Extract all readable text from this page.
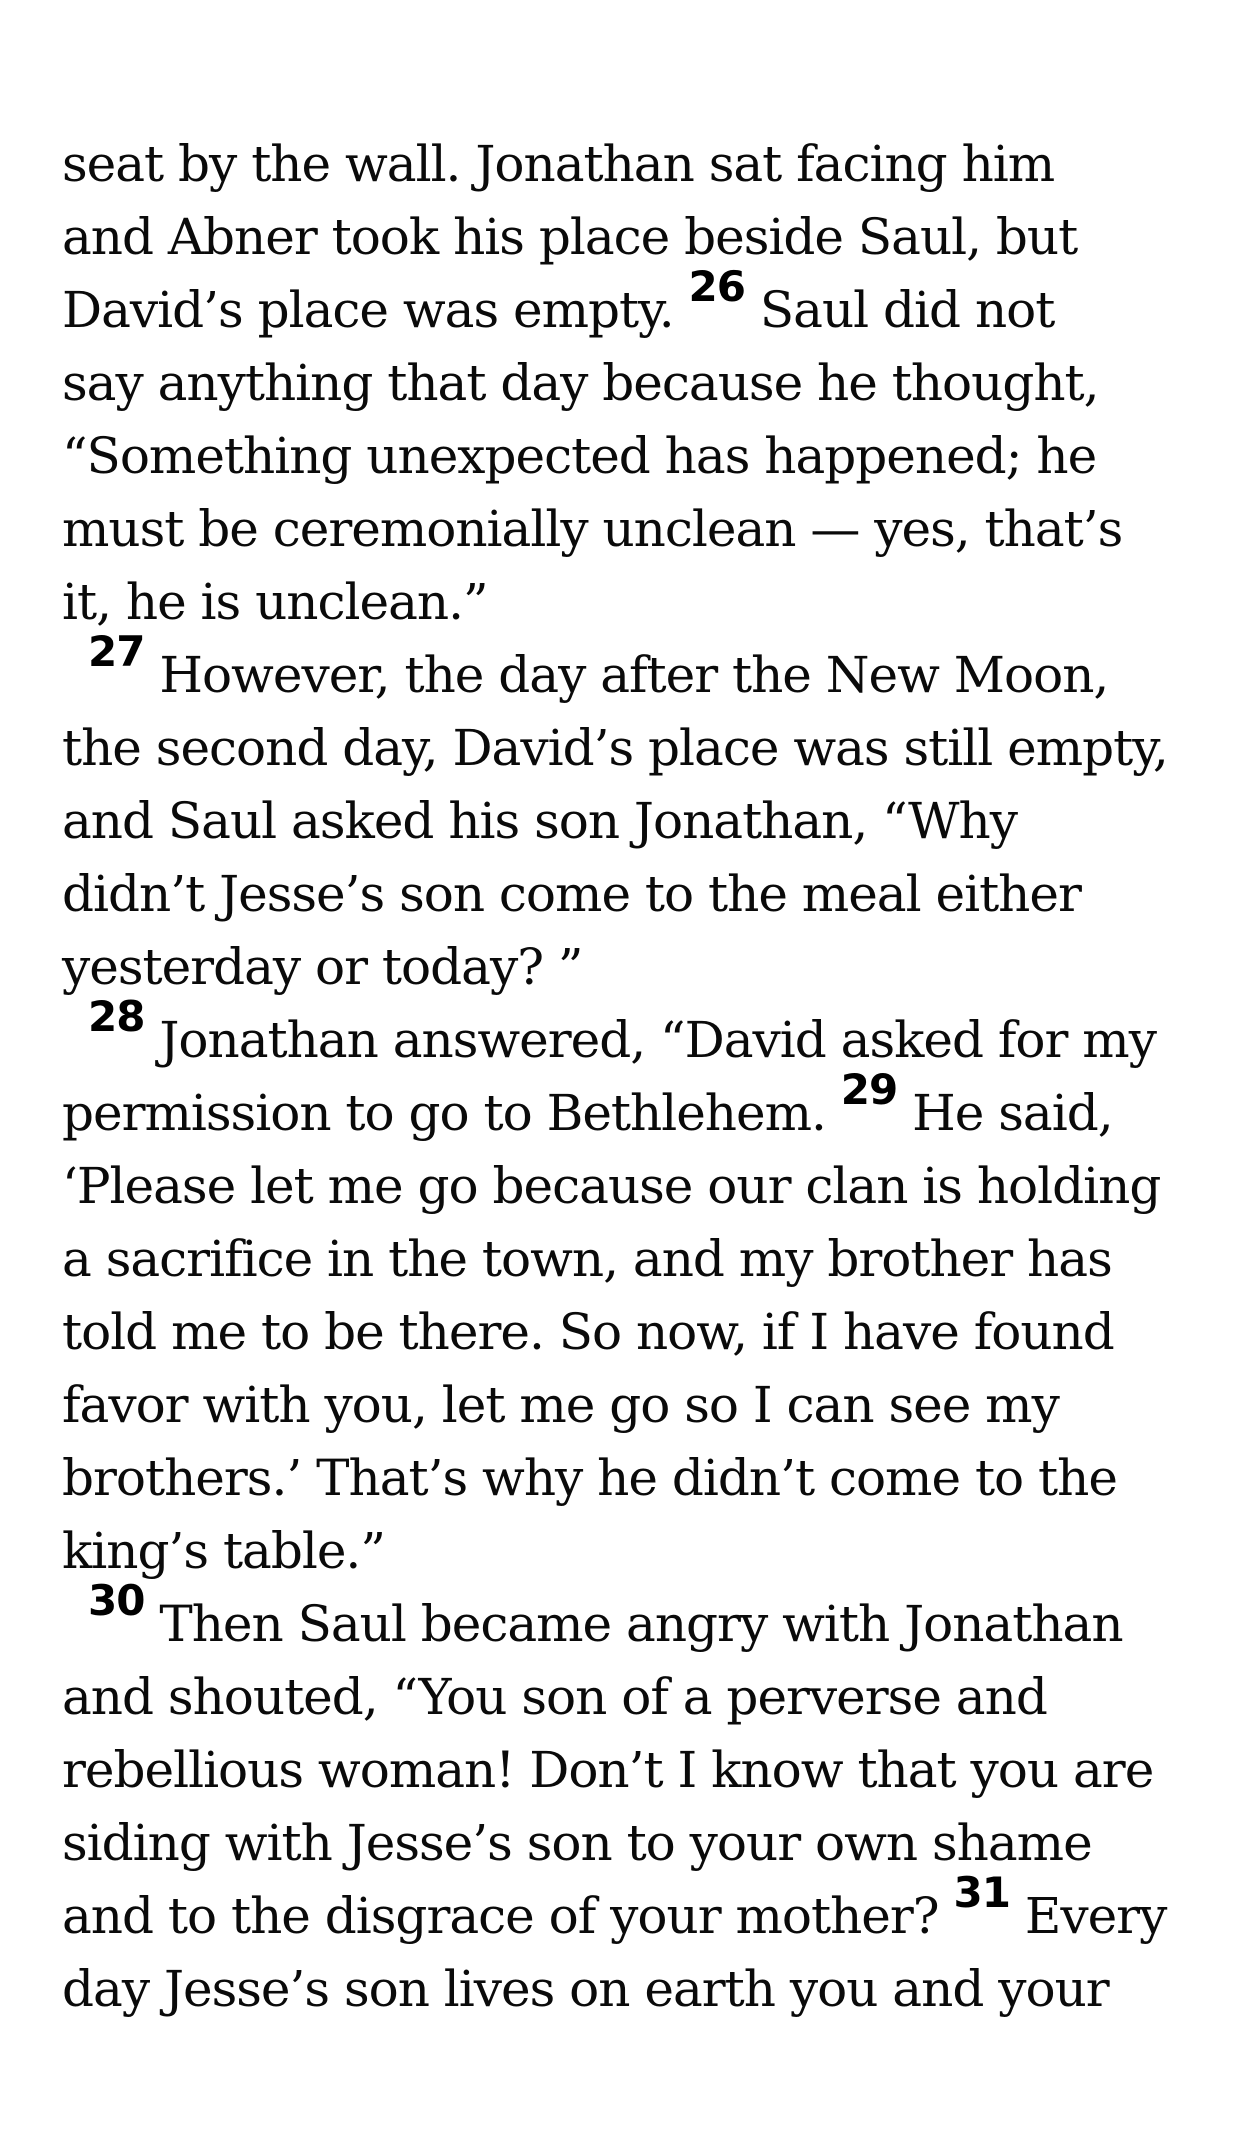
seat by the wall. Jonathan sat facing him
and Abner took his place beside Saul, but
David’s place was empty. $^{26}$ Saul did not
say anything that day because he thought,
“Something unexpected has happened; he
must be ceremonially unclean — yes, that’s
it, he is unclean.”
$^{27}$ However, the day after the New Moon,
the second day, David’s place was still empty,
and Saul asked his son Jonathan, “Why
didn’t Jesse’s son come to the meal either
yesterday or today? ”
$^{28}$ Jonathan answered, “David asked for my
permission to go to Bethlehem. $^{29}$ He said,
‘Please let me go because our clan is holding
a sacrifice in the town, and my brother has
told me to be there. So now, if I have found
favor with you, let me go so I can see my
brothers.’ That’s why he didn’t come to the
king’s table.”
$^{30}$ Then Saul became angry with Jonathan
and shouted, “You son of a perverse and
rebellious woman! Don’t I know that you are
siding with Jesse’s son to your own shame
and to the disgrace of your mother? $^{31}$ Every
day Jesse’s son lives on earth you and your
